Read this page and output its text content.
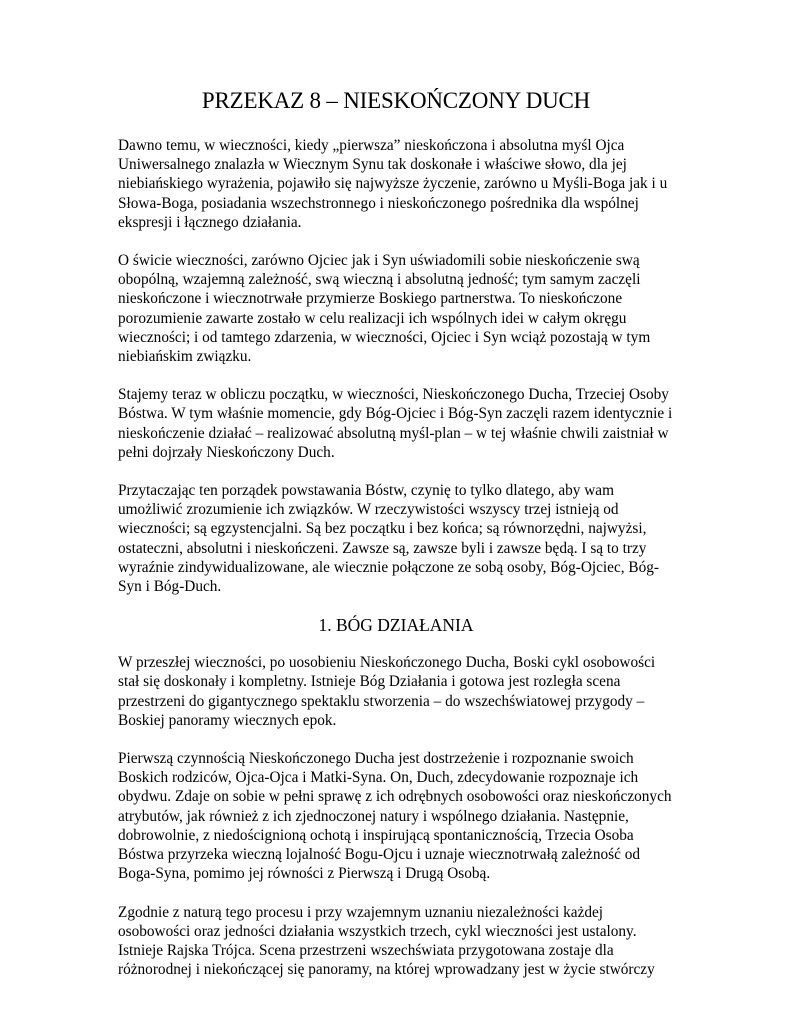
PRZEKAZ 8 – NIESKOŃCZONY DUCH

Dawno temu, w wieczności, kiedy „pierwsza” nieskończona i absolutna myśl Ojca Uniwersalnego znalazła w Wiecznym Synu tak doskonałe i właściwe słowo, dla jej niebiańskiego wyrażenia, pojawiło się najwyższe życzenie, zarówno u Myśli-Boga jak i u Słowa-Boga, posiadania wszechstronnego i nieskończonego pośrednika dla wspólnej ekspresji i łącznego działania.

O świcie wieczności, zarówno Ojciec jak i Syn uświadomili sobie nieskończenie swą obopólną, wzajemną zależność, swą wieczną i absolutną jedność; tym samym zaczęli nieskończone i wiecznotrwałe przymierze Boskiego partnerstwa. To nieskończone porozumienie zawarte zostało w celu realizacji ich wspólnych idei w całym okręgu wieczności; i od tamtego zdarzenia, w wieczności, Ojciec i Syn wciąż pozostają w tym niebiańskim związku.

Stajemy teraz w obliczu początku, w wieczności, Nieskończonego Ducha, Trzeciej Osoby Bóstwa. W tym właśnie momencie, gdy Bóg-Ojciec i Bóg-Syn zaczęli razem identycznie i nieskończenie działać – realizować absolutną myśl-plan – w tej właśnie chwili zaistniał w pełni dojrzały Nieskończony Duch.

Przytaczając ten porządek powstawania Bóstw, czynię to tylko dlatego, aby wam umożliwić zrozumienie ich związków. W rzeczywistości wszyscy trzej istnieją od wieczności; są egzystencjalni. Są bez początku i bez końca; są równorzędni, najwyżsi, ostateczni, absolutni i nieskończeni. Zawsze są, zawsze byli i zawsze będą. I są to trzy wyraźnie zindywidualizowane, ale wiecznie połączone ze sobą osoby, Bóg-Ojciec, Bóg-Syn i Bóg-Duch.

1. BÓG DZIAŁANIA

W przeszłej wieczności, po uosobieniu Nieskończonego Ducha, Boski cykl osobowości stał się doskonały i kompletny. Istnieje Bóg Działania i gotowa jest rozległa scena przestrzeni do gigantycznego spektaklu stworzenia – do wszechświatowej przygody – Boskiej panoramy wiecznych epok.

Pierwszą czynnością Nieskończonego Ducha jest dostrzeżenie i rozpoznanie swoich Boskich rodziców, Ojca-Ojca i Matki-Syna. On, Duch, zdecydowanie rozpoznaje ich obydwu. Zdaje on sobie w pełni sprawę z ich odrębnych osobowości oraz nieskończonych atrybutów, jak również z ich zjednoczonej natury i wspólnego działania. Następnie, dobrowolnie, z niedoścignioną ochotą i inspirującą spontanicznością, Trzecia Osoba Bóstwa przyrzeka wieczną lojalność Bogu-Ojcu i uznaje wiecznotrwałą zależność od Boga-Syna, pomimo jej równości z Pierwszą i Drugą Osobą.

Zgodnie z naturą tego procesu i przy wzajemnym uznaniu niezależności każdej osobowości oraz jedności działania wszystkich trzech, cykl wieczności jest ustalony. Istnieje Rajska Trójca. Scena przestrzeni wszechświata przygotowana zostaje dla różnorodnej i niekończącej się panoramy, na której wprowadzany jest w życie stwórczy
